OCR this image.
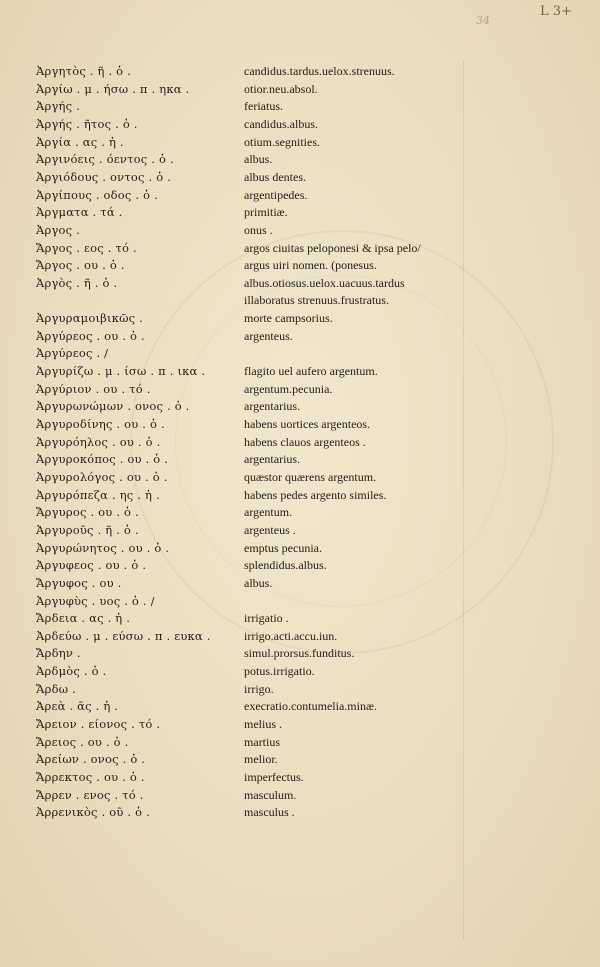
34
L 3+
Ἀργητὸς . ῆ . ὁ .	candidus.tardus.uelox.strenuus.
Ἀργίω . μ . ήσω . π . ηκα .	otior.neu.absol.
Ἀργής .	feriatus.
Ἀργής . ῆτος . ὁ .	candidus.albus.
Ἀργία . ας . ἡ .	otium.segnities.
Ἀργινόεις . όεντος . ὁ .	albus.
Ἀργιόδους . οντος . ὁ .	albus dentes.
Ἀργίπους . οδος . ὁ .	argentipedes.
Ἀργματα . τά .	primitiæ.
Ἀργος .	onus .
Ἄργος . εος . τό .	argos ciuitas peloponesi & ipsa pelo/
Ἄργος . ου . ὁ .	argus uiri nomen. (ponesus.
Ἀργὸς . ῆ . ὁ .	albus.otiosus.uelox.uacuus.tardus
illaboratus strenuus.frustratus.
Ἀργυραμοιβικῶς .	morte campsorius.
Ἀργύρεος . ου . ὁ .	argenteus.
Ἀργύρεος . /
Ἀργυρίζω . μ . ίσω . π . ικα .	flagito uel aufero argentum.
Ἀργύριον . ου . τό .	argentum.pecunia.
Ἀργυρωνώμων . ονος . ὁ .	argentarius.
Ἀργυροδίνης . ου . ὁ .	habens uortices argenteos.
Ἀργυρόηλος . ου . ὁ .	habens clauos argenteos .
Ἀργυροκόπος . ου . ὁ .	argentarius.
Ἀργυρολόγος . ου . ὁ .	quæstor quærens argentum.
Ἀργυρόπεζα . ης . ἡ .	habens pedes argento similes.
Ἄργυρος . ου . ὁ .	argentum.
Ἀργυροῦς . ῆ . ὁ .	argenteus .
Ἀργυρώνητος . ου . ὁ .	emptus pecunia.
Ἀργυφεος . ου . ὁ .	splendidus.albus.
Ἄργυφος . ου .	albus.
Ἀργυφὺς . υος . ὁ . /
Ἄρδεια . ας . ἡ .	irrigatio .
Ἀρδεύω . μ . εύσω . π . ευκα .	irrigo.acti.accu.iun.
Ἄρδην .	simul.prorsus.funditus.
Ἀρδμὸς . ὁ .	potus.irrigatio.
Ἄρδω .	irrigo.
Ἀρεὰ . ᾶς . ἡ .	execratio.contumelia.minæ.
Ἄρειον . είονος . τό .	melius .
Ἄρειος . ου . ὁ .	martius
Ἀρείων . ονος . ὁ .	melior.
Ἄρρεκτος . ου . ὁ .	imperfectus.
Ἄρρεν . ενος . τό .	masculum.
Ἀρρενικὸς . οῦ . ὁ .	masculus .
